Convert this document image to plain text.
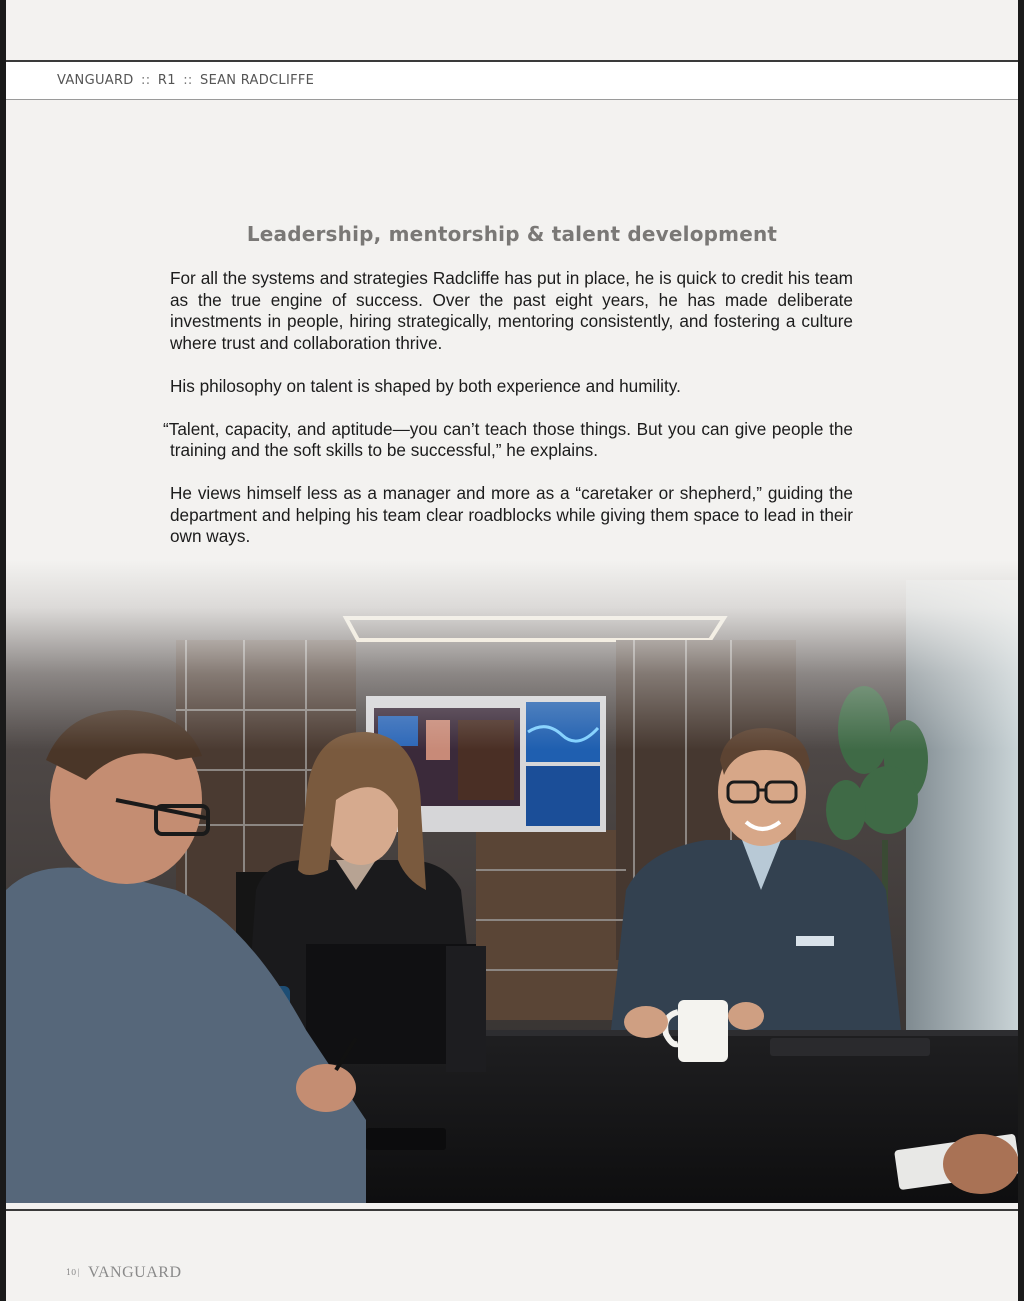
VANGUARD :: R1 :: SEAN RADCLIFFE
Leadership, mentorship & talent development

For all the systems and strategies Radcliffe has put in place, he is quick to credit his team as the true engine of success. Over the past eight years, he has made deliberate investments in people, hiring strategically, mentoring consistently, and fostering a culture where trust and collaboration thrive.

His philosophy on talent is shaped by both experience and humility.

“Talent, capacity, and aptitude—you can’t teach those things. But you can give people the training and the soft skills to be successful,” he explains.

He views himself less as a manager and more as a “caretaker or shepherd,” guiding the department and helping his team clear roadblocks while giving them space to lead in their own ways.

10| VANGUARD
